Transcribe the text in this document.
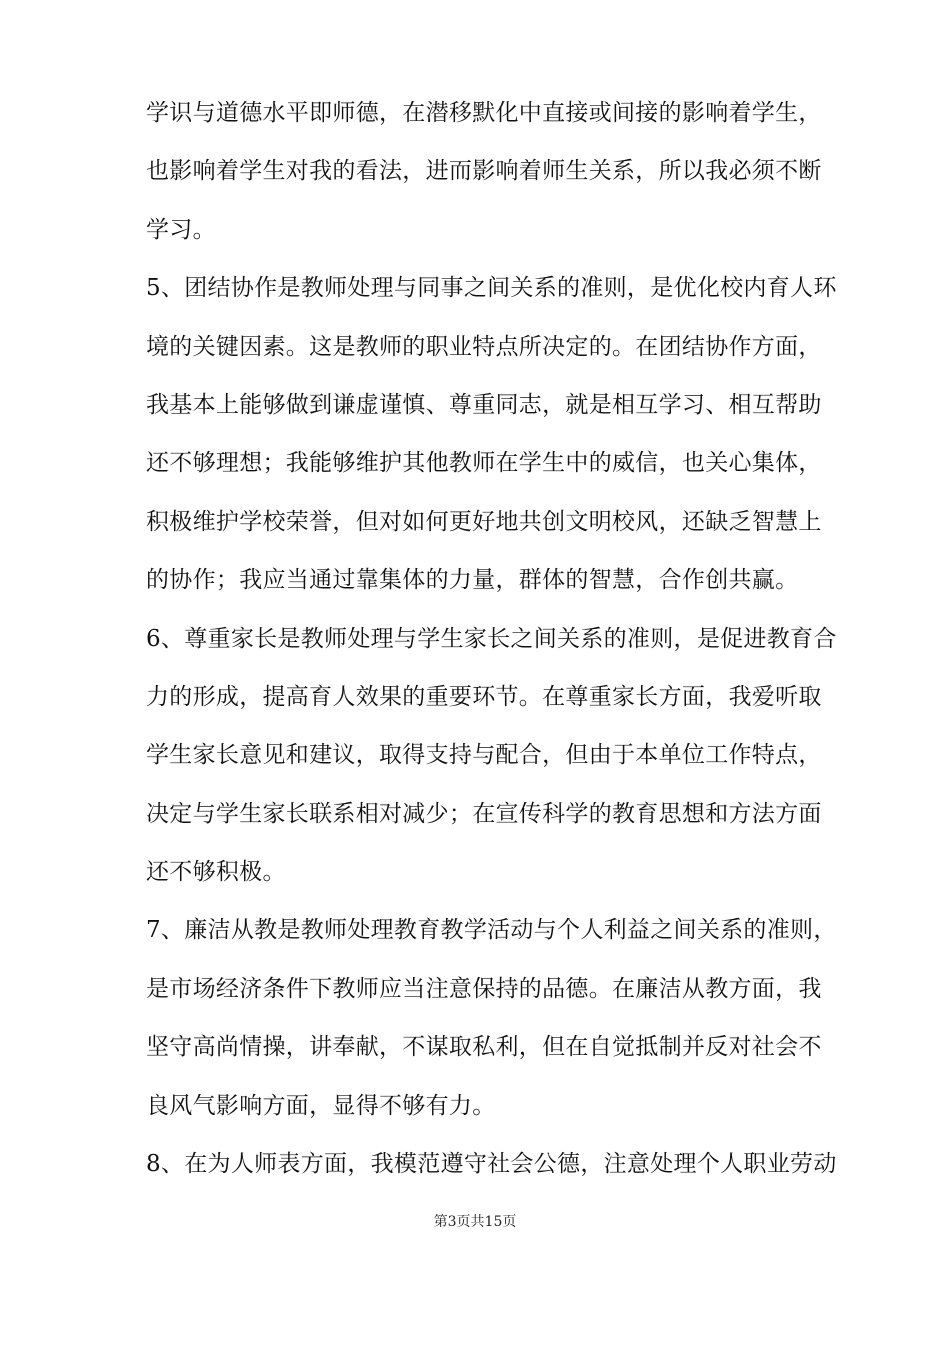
学识与道德水平即师德，在潜移默化中直接或间接的影响着学生，
也影响着学生对我的看法，进而影响着师生关系，所以我必须不断
学习。
5、团结协作是教师处理与同事之间关系的准则，是优化校内育人环
境的关键因素。这是教师的职业特点所决定的。在团结协作方面，
我基本上能够做到谦虚谨慎、尊重同志，就是相互学习、相互帮助
还不够理想；我能够维护其他教师在学生中的威信，也关心集体，
积极维护学校荣誉，但对如何更好地共创文明校风，还缺乏智慧上
的协作；我应当通过靠集体的力量，群体的智慧，合作创共赢。
6、尊重家长是教师处理与学生家长之间关系的准则，是促进教育合
力的形成，提高育人效果的重要环节。在尊重家长方面，我爱听取
学生家长意见和建议，取得支持与配合，但由于本单位工作特点，
决定与学生家长联系相对减少；在宣传科学的教育思想和方法方面
还不够积极。
7、廉洁从教是教师处理教育教学活动与个人利益之间关系的准则，
是市场经济条件下教师应当注意保持的品德。在廉洁从教方面，我
坚守高尚情操，讲奉献，不谋取私利，但在自觉抵制并反对社会不
良风气影响方面，显得不够有力。
8、在为人师表方面，我模范遵守社会公德，注意处理个人职业劳动
第3页共15页
